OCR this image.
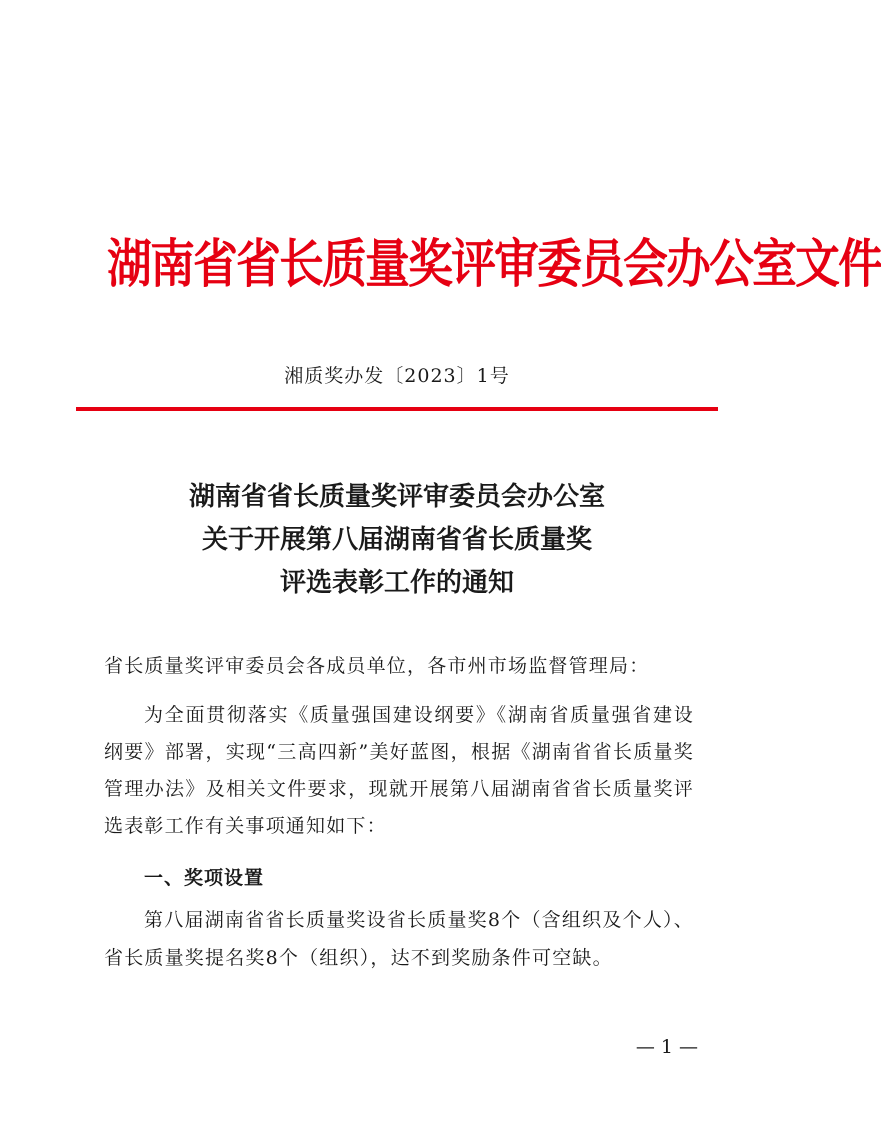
湖南省省长质量奖评审委员会办公室文件
湘质奖办发〔2023〕1号
湖南省省长质量奖评审委员会办公室
关于开展第八届湖南省省长质量奖
评选表彰工作的通知
省长质量奖评审委员会各成员单位，各市州市场监督管理局：
为全面贯彻落实《质量强国建设纲要》《湖南省质量强省建设纲要》部署，实现“三高四新”美好蓝图，根据《湖南省省长质量奖管理办法》及相关文件要求，现就开展第八届湖南省省长质量奖评选表彰工作有关事项通知如下：
一、奖项设置
第八届湖南省省长质量奖设省长质量奖8个（含组织及个人）、省长质量奖提名奖8个（组织），达不到奖励条件可空缺。
— 1 —
